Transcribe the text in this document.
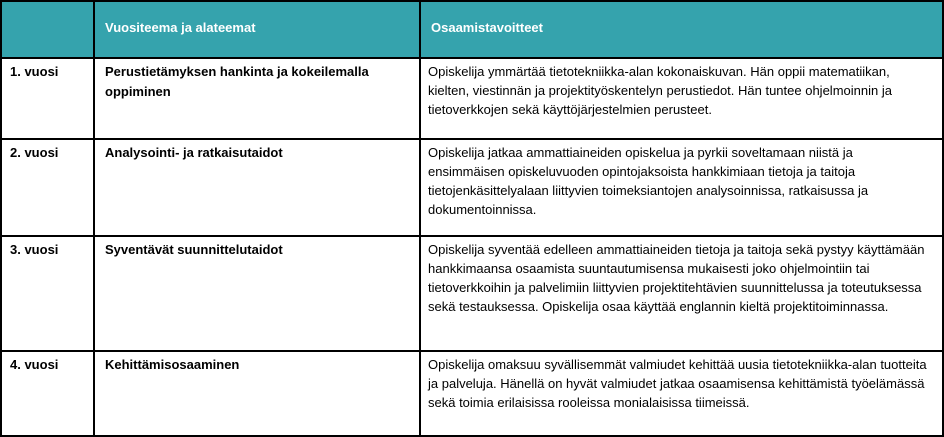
	Vuositeema ja alateemat	Osaamistavoitteet
1. vuosi	Perustietämyksen hankinta ja kokeilemalla oppiminen	Opiskelija ymmärtää tietotekniikka-alan kokonaiskuvan. Hän oppii matematiikan, kielten, viestinnän ja projektityöskentelyn perustiedot. Hän tuntee ohjelmoinnin ja tietoverkkojen sekä käyttöjärjestelmien perusteet.
2. vuosi	Analysointi- ja ratkaisutaidot	Opiskelija jatkaa ammattiaineiden opiskelua ja pyrkii soveltamaan niistä ja ensimmäisen opiskeluvuoden opintojaksoista hankkimiaan tietoja ja taitoja tietojenkäsittelyalaan liittyvien toimeksiantojen analysoinnissa, ratkaisussa ja dokumentoinnissa.
3. vuosi	Syventävät suunnittelutaidot	Opiskelija syventää edelleen ammattiaineiden tietoja ja taitoja sekä pystyy käyttämään hankkimaansa osaamista suuntautumisensa mukaisesti joko ohjelmointiin tai tietoverkkoihin ja palvelimiin liittyvien projektitehtävien suunnittelussa ja toteutuksessa sekä testauksessa. Opiskelija osaa käyttää englannin kieltä projektitoiminnassa.
4. vuosi	Kehittämisosaaminen	Opiskelija omaksuu syvällisemmät valmiudet kehittää uusia tietotekniikka-alan tuotteita ja palveluja. Hänellä on hyvät valmiudet jatkaa osaamisensa kehittämistä työelämässä sekä toimia erilaisissa rooleissa monialaisissa tiimeissä.
